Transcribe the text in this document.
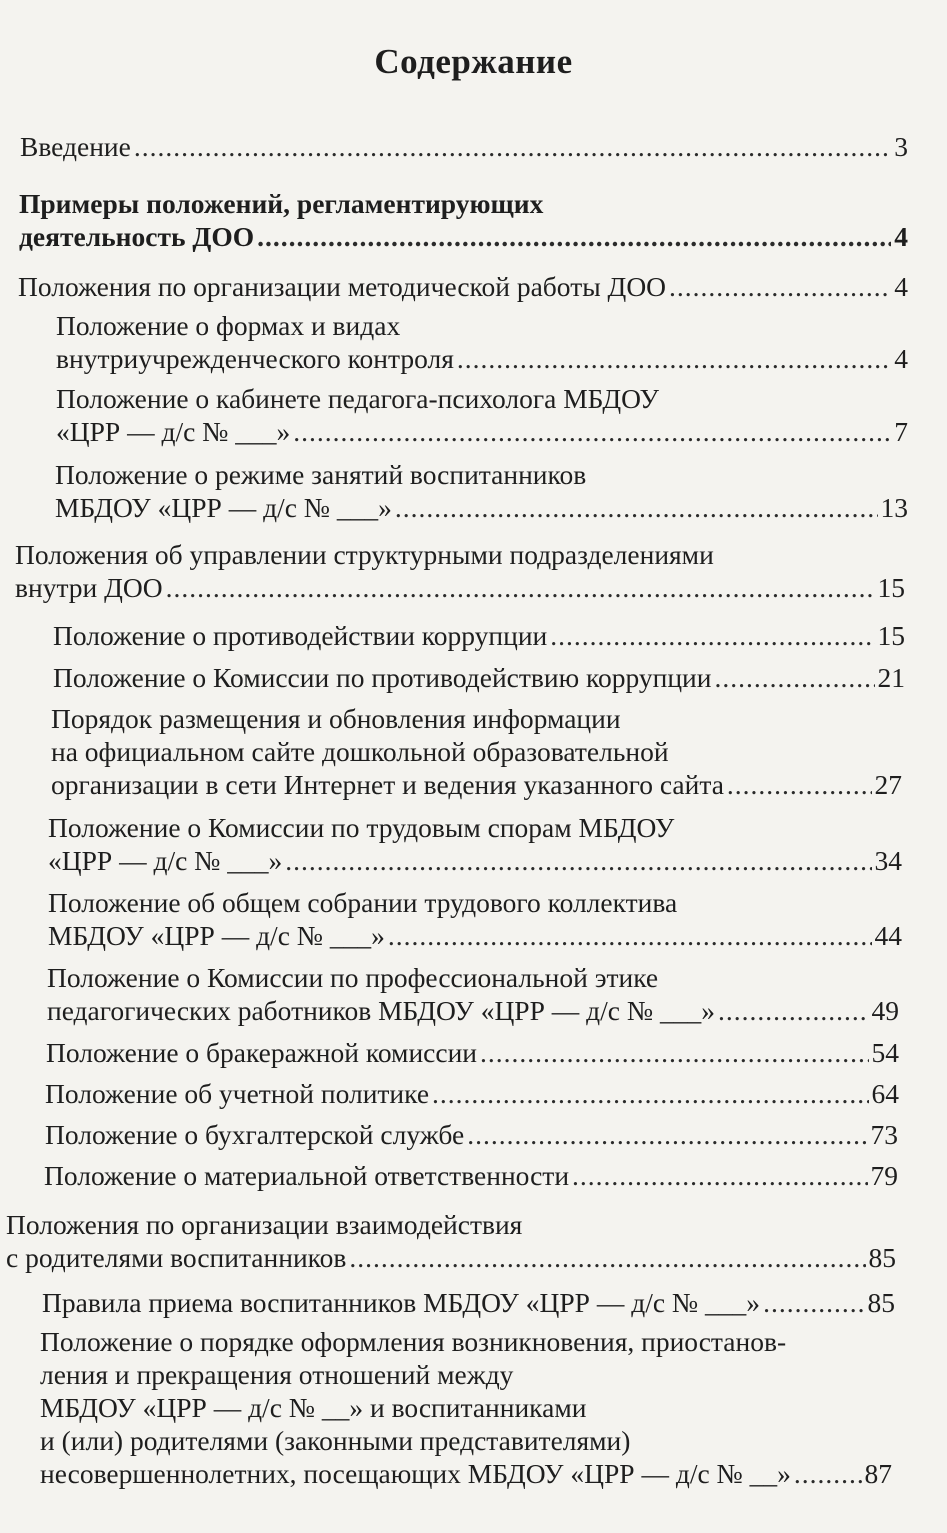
Содержание
Введение .....	3
Примеры положений, регламентирующих
деятельность ДОО .....	4
Положения по организации методической работы ДОО .....	4
Положение о формах и видах
внутриучрежденческого контроля .....	4
Положение о кабинете педагога-психолога МБДОУ
«ЦРР — д/с № ___» .....	7
Положение о режиме занятий воспитанников
МБДОУ «ЦРР — д/с № ___» .....	13
Положения об управлении структурными подразделениями
внутри ДОО .....	15
Положение о противодействии коррупции .....	15
Положение о Комиссии по противодействию коррупции .....	21
Порядок размещения и обновления информации
на официальном сайте дошкольной образовательной
организации в сети Интернет и ведения указанного сайта .....	27
Положение о Комиссии по трудовым спорам МБДОУ
«ЦРР — д/с № ___» .....	34
Положение об общем собрании трудового коллектива
МБДОУ «ЦРР — д/с № ___» .....	44
Положение о Комиссии по профессиональной этике
педагогических работников МБДОУ «ЦРР — д/с № ___» .....	49
Положение о бракеражной комиссии .....	54
Положение об учетной политике .....	64
Положение о бухгалтерской службе .....	73
Положение о материальной ответственности .....	79
Положения по организации взаимодействия
с родителями воспитанников .....	85
Правила приема воспитанников МБДОУ «ЦРР — д/с № ___» .....	85
Положение о порядке оформления возникновения, приостанов-
ления и прекращения отношений между
МБДОУ «ЦРР — д/с № __» и воспитанниками
и (или) родителями (законными представителями)
несовершеннолетних, посещающих МБДОУ «ЦРР — д/с № __» .....	87
